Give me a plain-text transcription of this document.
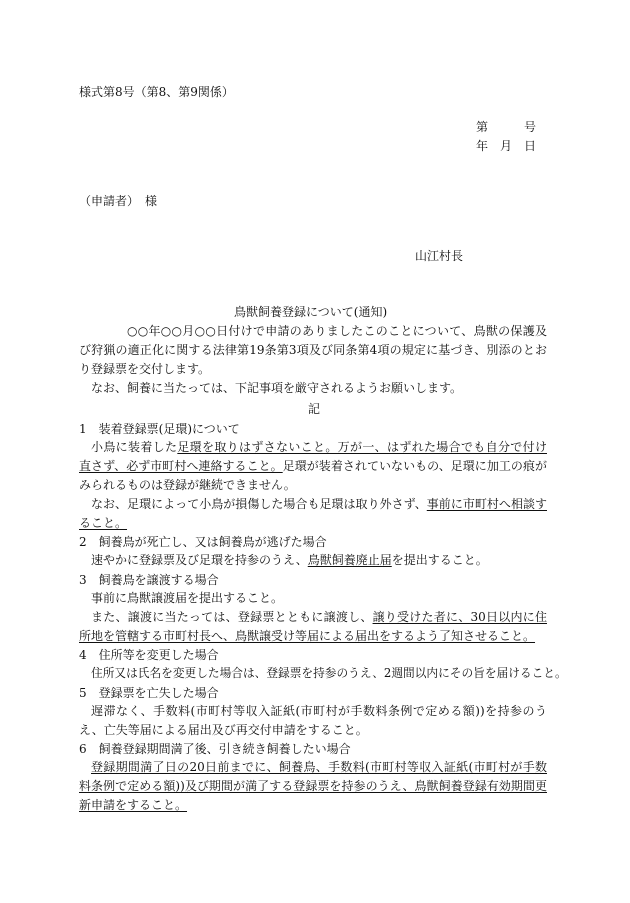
様式第8号（第8、第9関係）

第	号

年 月 日

（申請者）　様

山江村長

鳥獣飼養登録について(通知)

○○年○○月○○日付けで申請のありましたこのことについて、鳥獣の保護及び狩猟の適正化に関する法律第19条第3項及び同条第4項の規定に基づき、別添のとおり登録票を交付します。

なお、飼養に当たっては、下記事項を厳守されるようお願いします。

記

1　装着登録票(足環)について

小鳥に装着した足環を取りはずさないこと。万が一、はずれた場合でも自分で付け直さず、必ず市町村へ連絡すること。足環が装着されていないもの、足環に加工の痕がみられるものは登録が継続できません。

なお、足環によって小鳥が損傷した場合も足環は取り外さず、事前に市町村へ相談すること。

2　飼養鳥が死亡し、又は飼養鳥が逃げた場合

速やかに登録票及び足環を持参のうえ、鳥獣飼養廃止届を提出すること。

3　飼養鳥を譲渡する場合

事前に鳥獣譲渡届を提出すること。

また、譲渡に当たっては、登録票とともに譲渡し、譲り受けた者に、30日以内に住所地を管轄する市町村長へ、鳥獣譲受け等届による届出をするよう了知させること。

4　住所等を変更した場合

住所又は氏名を変更した場合は、登録票を持参のうえ、2週間以内にその旨を届けること。

5　登録票を亡失した場合

遅滞なく、手数料(市町村等収入証紙(市町村が手数料条例で定める額))を持参のうえ、亡失等届による届出及び再交付申請をすること。

6　飼養登録期間満了後、引き続き飼養したい場合

登録期間満了日の20日前までに、飼養鳥、手数料(市町村等収入証紙(市町村が手数料条例で定める額))及び期間が満了する登録票を持参のうえ、鳥獣飼養登録有効期間更新申請をすること。
